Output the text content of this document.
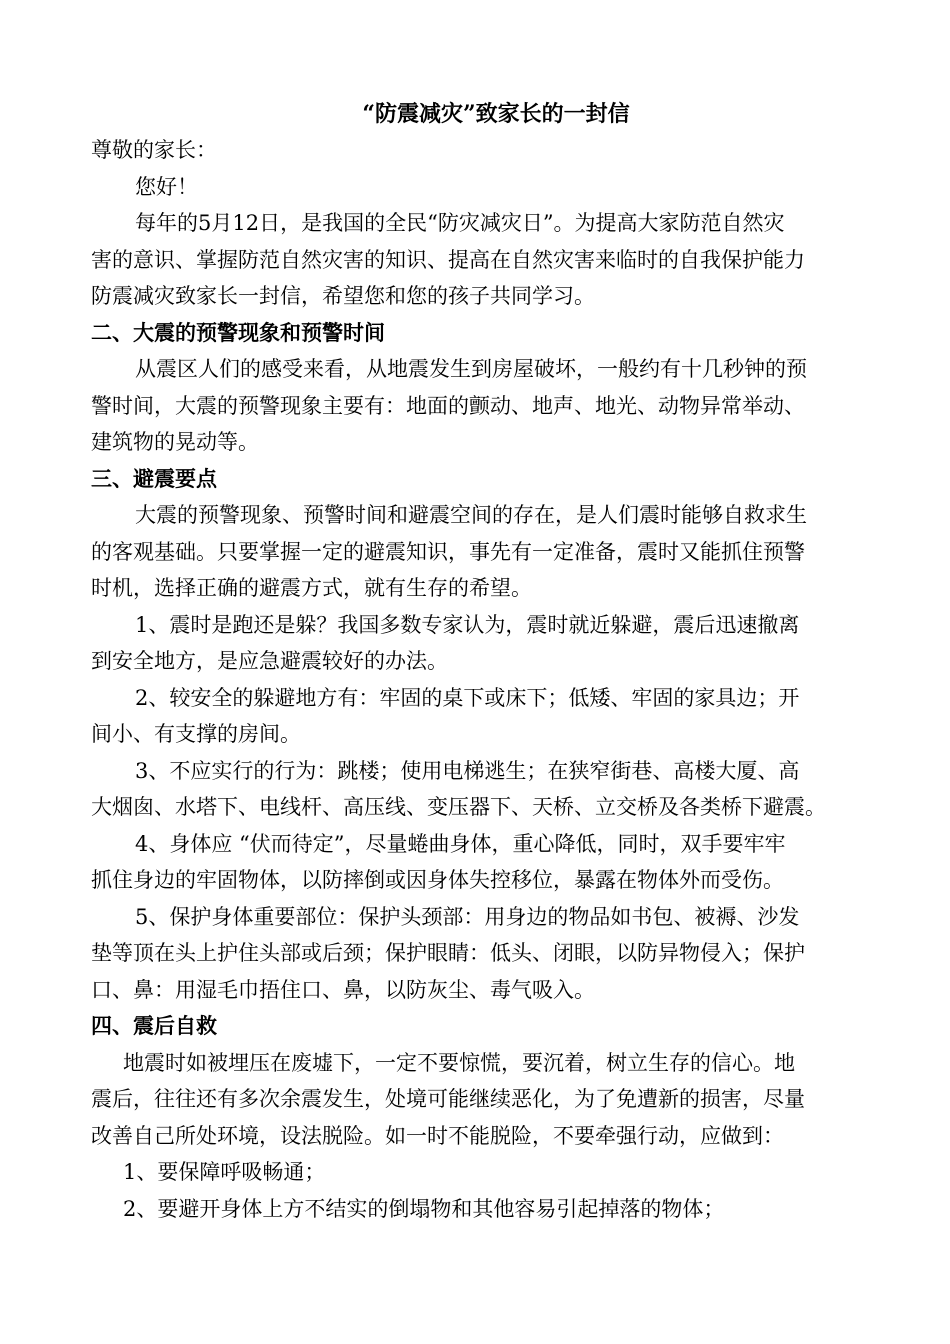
“防震减灾”致家长的一封信

尊敬的家长：

您好！

每年的5月12日，是我国的全民“防灾减灾日”。为提高大家防范自然灾

害的意识、掌握防范自然灾害的知识、提高在自然灾害来临时的自我保护能力

防震减灾致家长一封信，希望您和您的孩子共同学习。

二、大震的预警现象和预警时间

从震区人们的感受来看，从地震发生到房屋破坏，一般约有十几秒钟的预

警时间，大震的预警现象主要有：地面的颤动、地声、地光、动物异常举动、

建筑物的晃动等。

三、避震要点

大震的预警现象、预警时间和避震空间的存在，是人们震时能够自救求生

的客观基础。只要掌握一定的避震知识，事先有一定准备，震时又能抓住预警

时机，选择正确的避震方式，就有生存的希望。

1、震时是跑还是躲？我国多数专家认为，震时就近躲避，震后迅速撤离

到安全地方，是应急避震较好的办法。

2、较安全的躲避地方有：牢固的桌下或床下；低矮、牢固的家具边；开

间小、有支撑的房间。

3、不应实行的行为：跳楼；使用电梯逃生；在狭窄街巷、高楼大厦、高

大烟囱、水塔下、电线杆、高压线、变压器下、天桥、立交桥及各类桥下避震。

4、身体应 “伏而待定”，尽量蜷曲身体，重心降低，同时，双手要牢牢

抓住身边的牢固物体，以防摔倒或因身体失控移位，暴露在物体外而受伤。

5、保护身体重要部位：保护头颈部：用身边的物品如书包、被褥、沙发

垫等顶在头上护住头部或后颈；保护眼睛：低头、闭眼，以防异物侵入；保护

口、鼻：用湿毛巾捂住口、鼻，以防灰尘、毒气吸入。

四、震后自救

地震时如被埋压在废墟下，一定不要惊慌，要沉着，树立生存的信心。地

震后，往往还有多次余震发生，处境可能继续恶化，为了免遭新的损害，尽量

改善自己所处环境，设法脱险。如一时不能脱险，不要牵强行动，应做到：

1、要保障呼吸畅通；

2、要避开身体上方不结实的倒塌物和其他容易引起掉落的物体；
